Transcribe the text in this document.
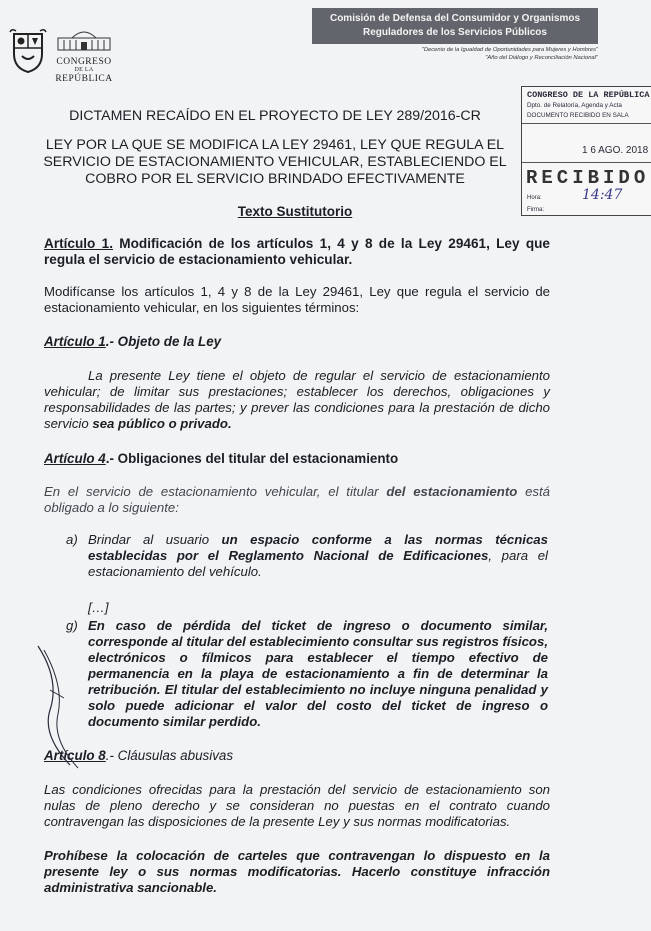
CONGRESO
DE LA
REPÚBLICA
Comisión de Defensa del Consumidor y Organismos
Reguladores de los Servicios Públicos
"Decenio de la Igualdad de Oportunidades para Mujeres y Hombres"
"Año del Diálogo y Reconciliación Nacional"
CONGRESO DE LA REPÚBLICA
Dpto. de Relatoría, Agenda y Acta
DOCUMENTO RECIBIDO EN SALA
1 6 AGO. 2018
RECIBIDO
Hora:
Firma:
14:47
DICTAMEN RECAÍDO EN EL PROYECTO DE LEY 289/2016-CR
LEY POR LA QUE SE MODIFICA LA LEY 29461, LEY QUE REGULA EL
SERVICIO DE ESTACIONAMIENTO VEHICULAR, ESTABLECIENDO EL
COBRO POR EL SERVICIO BRINDADO EFECTIVAMENTE
Texto Sustitutorio
Artículo 1. Modificación de los artículos 1, 4 y 8 de la Ley 29461, Ley que regula el servicio de estacionamiento vehicular.
Modifícanse los artículos 1, 4 y 8 de la Ley 29461, Ley que regula el servicio de estacionamiento vehicular, en los siguientes términos:
Artículo 1.- Objeto de la Ley
La presente Ley tiene el objeto de regular el servicio de estacionamiento vehicular; de limitar sus prestaciones; establecer los derechos, obligaciones y responsabilidades de las partes; y prever las condiciones para la prestación de dicho servicio sea público o privado.
Artículo 4.- Obligaciones del titular del estacionamiento
En el servicio de estacionamiento vehicular, el titular del estacionamiento está obligado a lo siguiente:
a) Brindar al usuario un espacio conforme a las normas técnicas establecidas por el Reglamento Nacional de Edificaciones, para el estacionamiento del vehículo.
[…]
g) En caso de pérdida del ticket de ingreso o documento similar, corresponde al titular del establecimiento consultar sus registros físicos, electrónicos o fílmicos para establecer el tiempo efectivo de permanencia en la playa de estacionamiento a fin de determinar la retribución. El titular del establecimiento no incluye ninguna penalidad y solo puede adicionar el valor del costo del ticket de ingreso o documento similar perdido.
Artículo 8.- Cláusulas abusivas
Las condiciones ofrecidas para la prestación del servicio de estacionamiento son nulas de pleno derecho y se consideran no puestas en el contrato cuando contravengan las disposiciones de la presente Ley y sus normas modificatorias.
Prohíbese la colocación de carteles que contravengan lo dispuesto en la presente ley o sus normas modificatorias. Hacerlo constituye infracción administrativa sancionable.
